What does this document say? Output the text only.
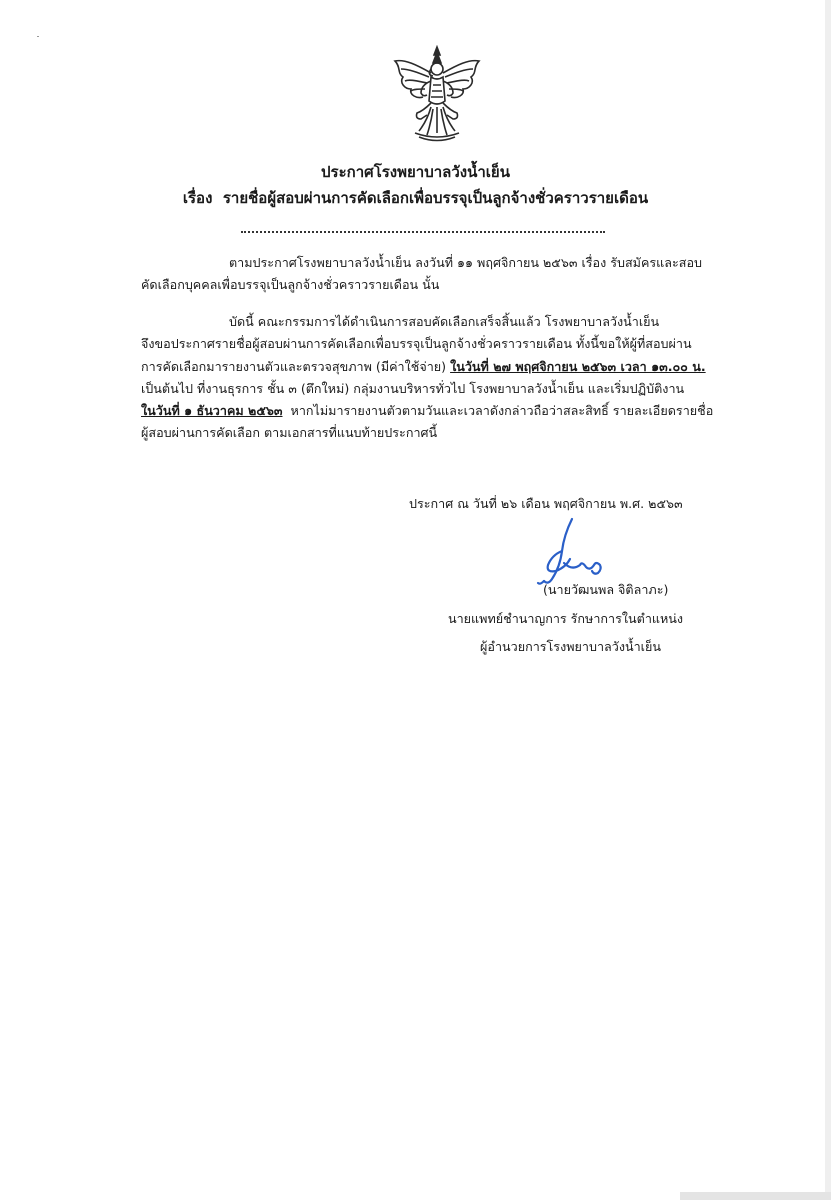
ประกาศโรงพยาบาลวังน้ำเย็น
เรื่อง รายชื่อผู้สอบผ่านการคัดเลือกเพื่อบรรจุเป็นลูกจ้างชั่วคราวรายเดือน

ตามประกาศโรงพยาบาลวังน้ำเย็น ลงวันที่ ๑๑ พฤศจิกายน ๒๕๖๓ เรื่อง รับสมัครและสอบ

คัดเลือกบุคคลเพื่อบรรจุเป็นลูกจ้างชั่วคราวรายเดือน นั้น

บัดนี้ คณะกรรมการได้ดำเนินการสอบคัดเลือกเสร็จสิ้นแล้ว โรงพยาบาลวังน้ำเย็น

จึงขอประกาศรายชื่อผู้สอบผ่านการคัดเลือกเพื่อบรรจุเป็นลูกจ้างชั่วคราวรายเดือน ทั้งนี้ขอให้ผู้ที่สอบผ่าน

การคัดเลือกมารายงานตัวและตรวจสุขภาพ (มีค่าใช้จ่าย) ในวันที่ ๒๗ พฤศจิกายน ๒๕๖๓ เวลา ๑๓.๐๐ น.

เป็นต้นไป ที่งานธุรการ ชั้น ๓ (ตึกใหม่) กลุ่มงานบริหารทั่วไป โรงพยาบาลวังน้ำเย็น และเริ่มปฏิบัติงาน

ในวันที่ ๑ ธันวาคม ๒๕๖๓ หากไม่มารายงานตัวตามวันและเวลาดังกล่าวถือว่าสละสิทธิ์ รายละเอียดรายชื่อ

ผู้สอบผ่านการคัดเลือก ตามเอกสารที่แนบท้ายประกาศนี้

ประกาศ ณ วันที่ ๒๖ เดือน พฤศจิกายน พ.ศ. ๒๕๖๓
(นายวัฒนพล จิติลาภะ)
นายแพทย์ชำนาญการ รักษาการในตำแหน่ง
ผู้อำนวยการโรงพยาบาลวังน้ำเย็น
